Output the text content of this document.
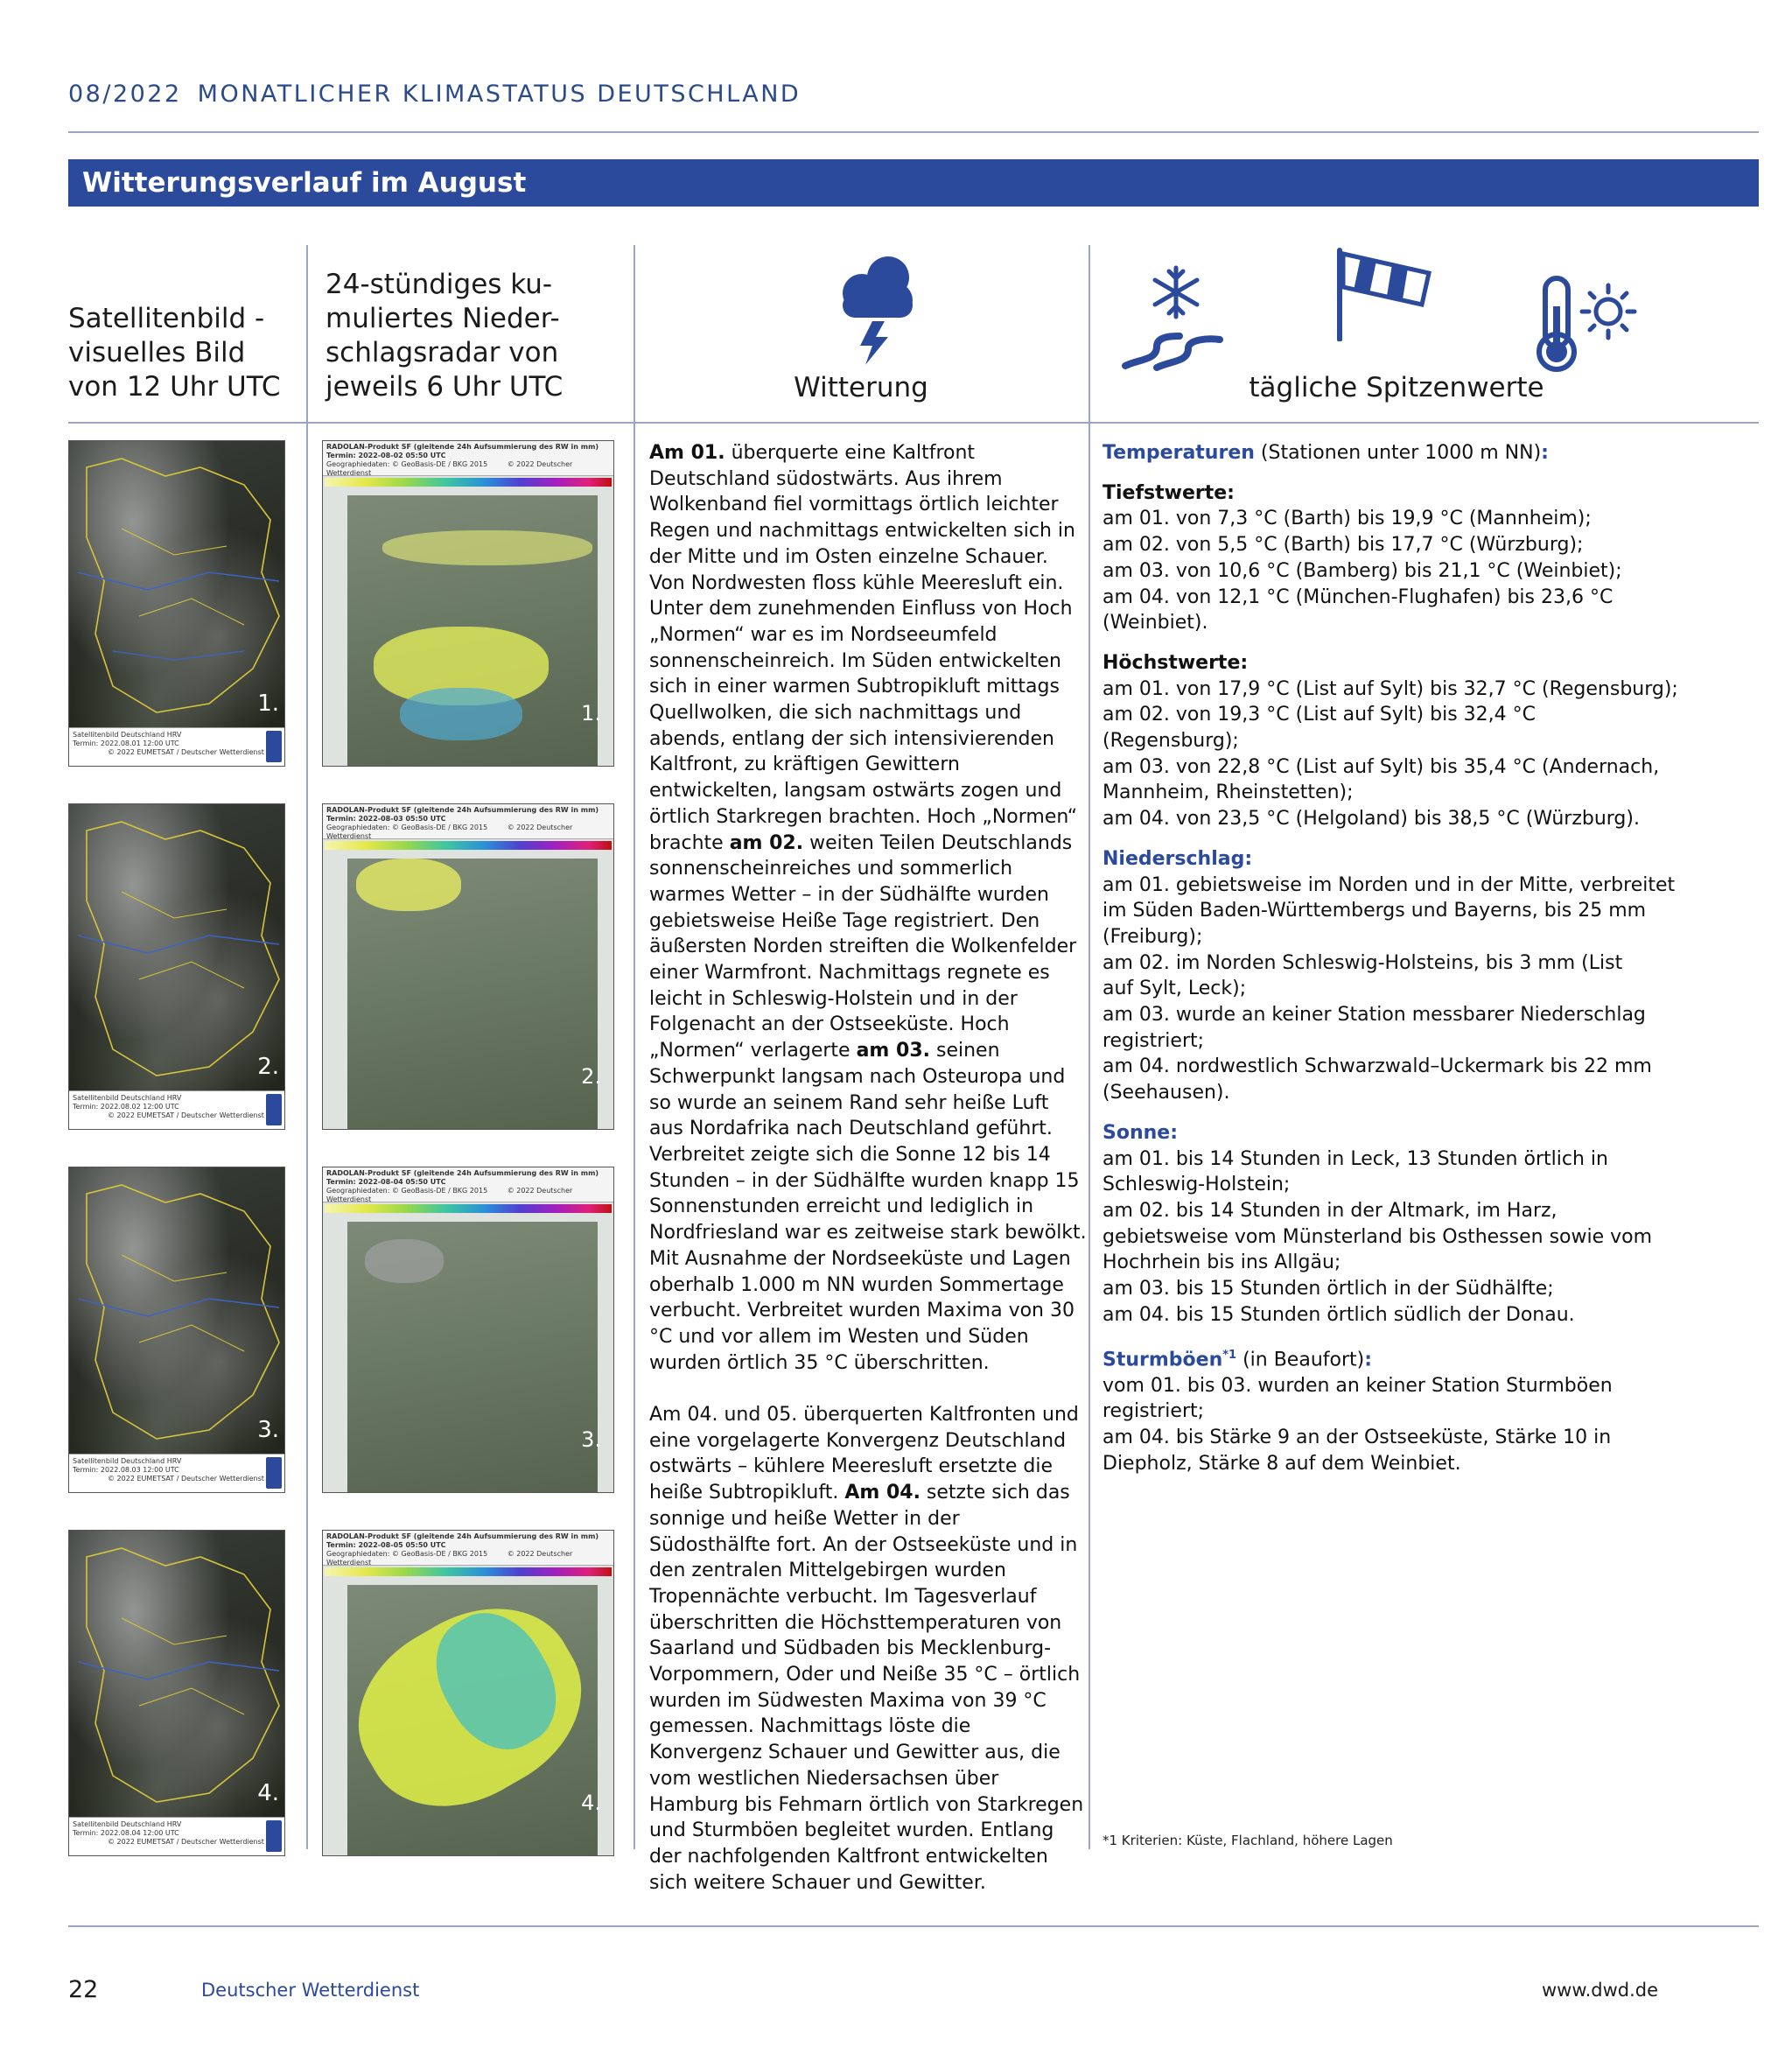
08/2022 MONATLICHER KLIMASTATUS DEUTSCHLAND
Witterungsverlauf im August
Satellitenbild -
visuelles Bild
von 12 Uhr UTC
24-stündiges ku-
muliertes Nieder-
schlagsradar von
jeweils 6 Uhr UTC	Witterung	tägliche Spitzenwerte
1.
Satellitenbild Deutschland HRV
Termin: 2022.08.01 12:00 UTC
© 2022 EUMETSAT / Deutscher Wetterdienst
2.
Satellitenbild Deutschland HRV
Termin: 2022.08.02 12:00 UTC
© 2022 EUMETSAT / Deutscher Wetterdienst
3.
Satellitenbild Deutschland HRV
Termin: 2022.08.03 12:00 UTC
© 2022 EUMETSAT / Deutscher Wetterdienst
4.
Satellitenbild Deutschland HRV
Termin: 2022.08.04 12:00 UTC
© 2022 EUMETSAT / Deutscher Wetterdienst
RADOLAN-Produkt SF (gleitende 24h Aufsummierung des RW in mm)
Termin: 2022-08-02 05:50 UTC
Geographiedaten: © GeoBasis-DE / BKG 2015	© 2022 Deutscher Wetterdienst
1.
RADOLAN-Produkt SF (gleitende 24h Aufsummierung des RW in mm)
Termin: 2022-08-03 05:50 UTC
Geographiedaten: © GeoBasis-DE / BKG 2015	© 2022 Deutscher Wetterdienst
2.
RADOLAN-Produkt SF (gleitende 24h Aufsummierung des RW in mm)
Termin: 2022-08-04 05:50 UTC
Geographiedaten: © GeoBasis-DE / BKG 2015	© 2022 Deutscher Wetterdienst
3.
RADOLAN-Produkt SF (gleitende 24h Aufsummierung des RW in mm)
Termin: 2022-08-05 05:50 UTC
Geographiedaten: © GeoBasis-DE / BKG 2015	© 2022 Deutscher Wetterdienst
4.

Am 01. überquerte eine Kaltfront Deutschland südostwärts. Aus ihrem Wolkenband fiel vormittags örtlich leichter Regen und nachmittags entwickelten sich in der Mitte und im Osten einzelne Schauer. Von Nordwesten floss kühle Meeresluft ein. Unter dem zunehmenden Einfluss von Hoch „Normen“ war es im Nordseeumfeld sonnenscheinreich. Im Süden entwickelten sich in einer warmen Subtropikluft mittags Quellwolken, die sich nachmittags und abends, entlang der sich intensivierenden Kaltfront, zu kräftigen Gewittern entwickelten, langsam ostwärts zogen und örtlich Starkregen brachten. Hoch „Normen“ brachte am 02. weiten Teilen Deutschlands sonnenscheinreiches und sommerlich warmes Wetter – in der Südhälfte wurden gebietsweise Heiße Tage registriert. Den äußersten Norden streiften die Wolkenfelder einer Warmfront. Nachmittags regnete es leicht in Schleswig-Holstein und in der Folgenacht an der Ostseeküste. Hoch „Normen“ verlagerte am 03. seinen Schwerpunkt langsam nach Osteuropa und so wurde an seinem Rand sehr heiße Luft aus Nordafrika nach Deutschland geführt. Verbreitet zeigte sich die Sonne 12 bis 14 Stunden – in der Südhälfte wurden knapp 15 Sonnenstunden erreicht und lediglich in Nordfriesland war es zeitweise stark bewölkt. Mit Ausnahme der Nordseeküste und Lagen oberhalb 1.000 m NN wurden Sommertage verbucht. Verbreitet wurden Maxima von 30 °C und vor allem im Westen und Süden wurden örtlich 35 °C überschritten.

Am 04. und 05. überquerten Kaltfronten und eine vorgelagerte Konvergenz Deutschland ostwärts – kühlere Meeresluft ersetzte die heiße Subtropikluft. Am 04. setzte sich das sonnige und heiße Wetter in der Südosthälfte fort. An der Ostseeküste und in den zentralen Mittelgebirgen wurden Tropennächte verbucht. Im Tagesverlauf überschritten die Höchsttemperaturen von Saarland und Südbaden bis Mecklenburg-Vorpommern, Oder und Neiße 35 °C – örtlich wurden im Südwesten Maxima von 39 °C gemessen. Nachmittags löste die Konvergenz Schauer und Gewitter aus, die vom westlichen Niedersachsen über Hamburg bis Fehmarn örtlich von Starkregen und Sturmböen begleitet wurden. Entlang der nachfolgenden Kaltfront entwickelten sich weitere Schauer und Gewitter.

Temperaturen (Stationen unter 1000 m NN):
Tiefstwerte:
am 01. von 7,3 °C (Barth) bis 19,9 °C (Mannheim);
am 02. von 5,5 °C (Barth) bis 17,7 °C (Würzburg);
am 03. von 10,6 °C (Bamberg) bis 21,1 °C (Weinbiet);
am 04. von 12,1 °C (München-Flughafen) bis 23,6 °C (Weinbiet).
Höchstwerte:
am 01. von 17,9 °C (List auf Sylt) bis 32,7 °C (Regensburg);
am 02. von 19,3 °C (List auf Sylt) bis 32,4 °C (Regensburg);
am 03. von 22,8 °C (List auf Sylt) bis 35,4 °C (Andernach, Mannheim, Rheinstetten);
am 04. von 23,5 °C (Helgoland) bis 38,5 °C (Würzburg).
Niederschlag:
am 01. gebietsweise im Norden und in der Mitte, verbreitet im Süden Baden-Württembergs und Bayerns, bis 25 mm (Freiburg);
am 02. im Norden Schleswig-Holsteins, bis 3 mm (List auf Sylt, Leck);
am 03. wurde an keiner Station messbarer Niederschlag registriert;
am 04. nordwestlich Schwarzwald–Uckermark bis 22 mm (Seehausen).
Sonne:
am 01. bis 14 Stunden in Leck, 13 Stunden örtlich in Schleswig-Holstein;
am 02. bis 14 Stunden in der Altmark, im Harz, gebietsweise vom Münsterland bis Osthessen sowie vom Hochrhein bis ins Allgäu;
am 03. bis 15 Stunden örtlich in der Südhälfte;
am 04. bis 15 Stunden örtlich südlich der Donau.
Sturmböen$^{*1}$ (in Beaufort):
vom 01. bis 03. wurden an keiner Station Sturmböen registriert;
am 04. bis Stärke 9 an der Ostseeküste, Stärke 10 in Diepholz, Stärke 8 auf dem Weinbiet.
*1 Kriterien: Küste, Flachland, höhere Lagen
22	Deutscher Wetterdienst	www.dwd.de
